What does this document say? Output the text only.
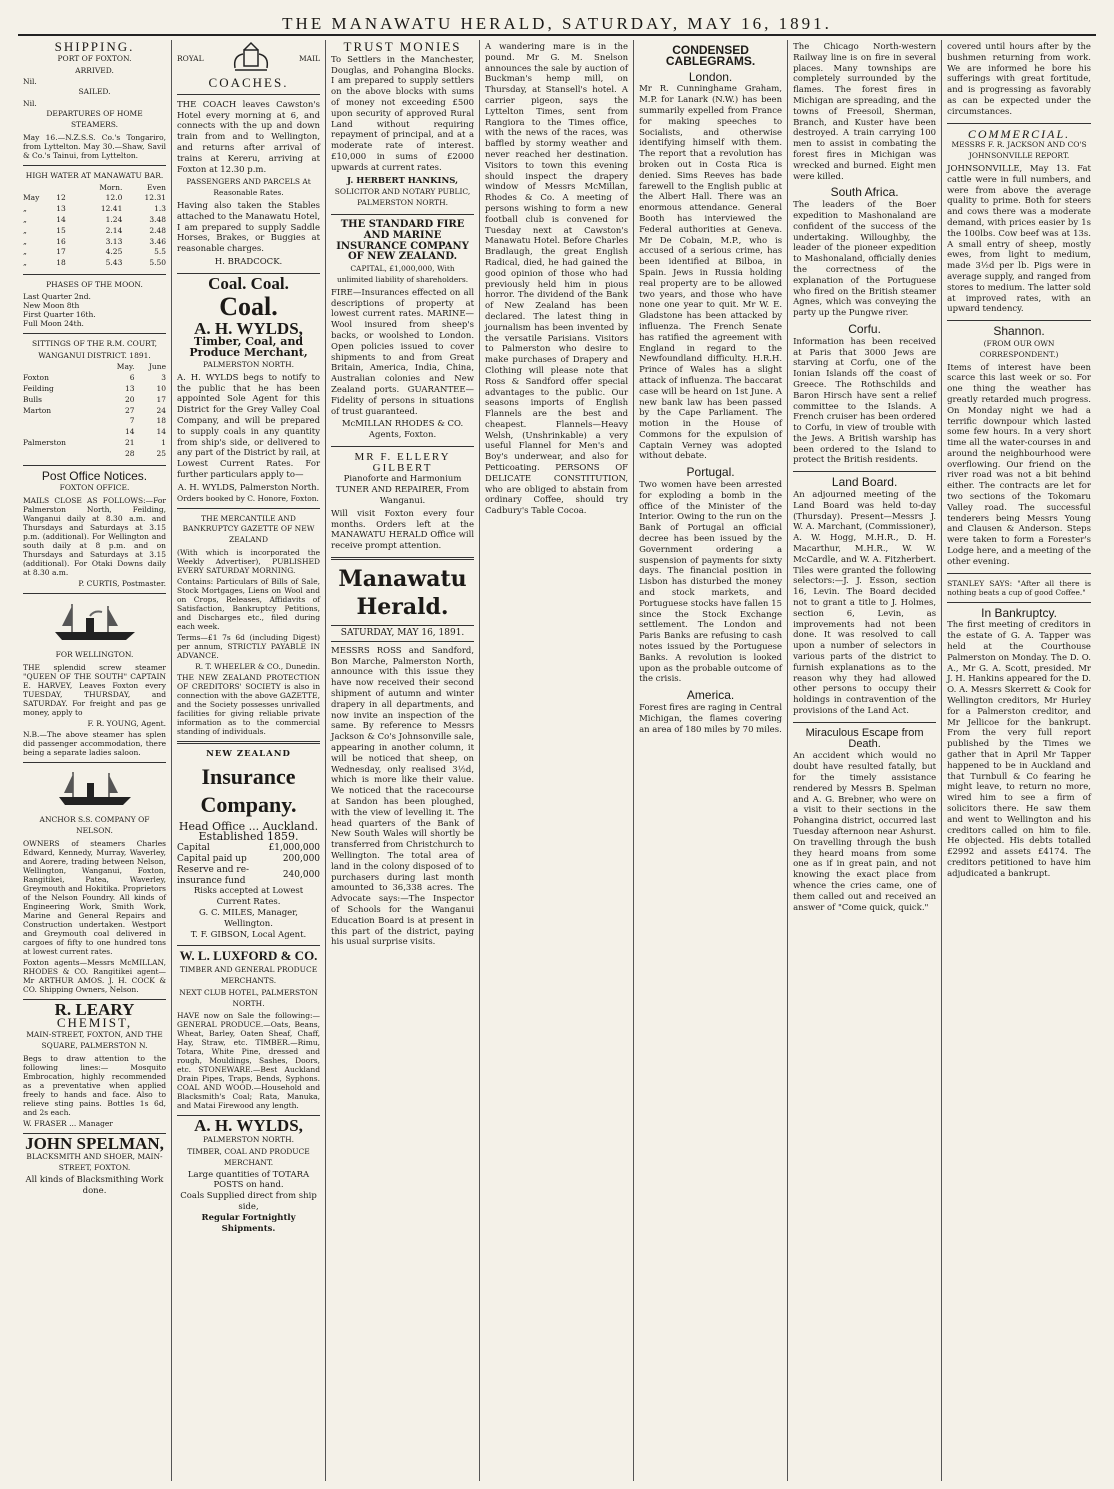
THE MANAWATU HERALD, SATURDAY, MAY 16, 1891.
SHIPPING.
PORT OF FOXTON.
ARRIVED.
Nil.
SAILED.
Nil.
DEPARTURES OF HOME STEAMERS.

May 16.—N.Z.S.S. Co.'s Tongariro, from Lyttelton. May 30.—Shaw, Savil & Co.'s Tainui, from Lyttelton.

HIGH WATER AT MANAWATU BAR.
		Morn.	Even
May	12	12.0	12.31
„	13	12.41	1.3
„	14	1.24	3.48
„	15	2.14	2.48
„	16	3.13	3.46
„	17	4.25	5.5
„	18	5.43	5.50
PHASES OF THE MOON.
Last Quarter 2nd.
New Moon 8th
First Quarter 16th.
Full Moon 24th.
SITTINGS OF THE R.M. COURT,
WANGANUI DISTRICT. 1891.
	May.	June
Foxton	6	3
Feilding	13	10
Bulls	20	17
Marton	27	24
	7	18
	14	14
Palmerston	21	1
	28	25
Post Office Notices.
FOXTON OFFICE.

MAILS CLOSE AS FOLLOWS:—For Palmerston North, Feilding, Wanganui daily at 8.30 a.m. and Thursdays and Saturdays at 3.15 p.m. (additional). For Wellington and south daily at 8 p.m. and on Thursdays and Saturdays at 3.15 (additional). For Otaki Downs daily at 8.30 a.m.

P. CURTIS, Postmaster.
FOR WELLINGTON.

THE splendid screw steamer "QUEEN OF THE SOUTH" CAPTAIN E. HARVEY, Leaves Foxton every TUESDAY, THURSDAY, and SATURDAY. For freight and pas ge money, apply to

F. R. YOUNG, Agent.

N.B.—The above steamer has splen did passenger accommodation, there being a separate ladies saloon.

ANCHOR S.S. COMPANY OF NELSON.

OWNERS of steamers Charles Edward, Kennedy, Murray, Waverley, and Aorere, trading between Nelson, Wellington, Wanganui, Foxton, Rangitikei, Patea, Waverley, Greymouth and Hokitika. Proprietors of the Nelson Foundry. All kinds of Engineering Work, Smith Work, Marine and General Repairs and Construction undertaken. Westport and Greymouth coal delivered in cargoes of fifty to one hundred tons at lowest current rates.

Foxton agents—Messrs McMILLAN, RHODES & CO. Rangitikei agent—Mr ARTHUR AMOS. J. H. COCK & CO. Shipping Owners, Nelson.

R. LEARY
CHEMIST,
MAIN-STREET, FOXTON, AND THE SQUARE, PALMERSTON N.

Begs to draw attention to the following lines:— Mosquito Embrocation, highly recommended as a preventative when applied freely to hands and face. Also to relieve sting pains. Bottles 1s 6d, and 2s each.

W. FRASER ... Manager
JOHN SPELMAN,
BLACKSMITH AND SHOER, MAIN-STREET, FOXTON.
All kinds of Blacksmithing Work done.
ROYAL	MAIL
COACHES.

THE COACH leaves Cawston's Hotel every morning at 6, and connects with the up and down train from and to Wellington, and returns after arrival of trains at Kereru, arriving at Foxton at 12.30 p.m.

PASSENGERS AND PARCELS At Reasonable Rates.

Having also taken the Stables attached to the Manawatu Hotel, I am prepared to supply Saddle Horses, Brakes, or Buggies at reasonable charges.

H. BRADCOCK.
Coal. Coal.
Coal.
A. H. WYLDS,
Timber, Coal, and Produce Merchant,
PALMERSTON NORTH.

A. H. WYLDS begs to notify to the public that he has been appointed Sole Agent for this District for the Grey Valley Coal Company, and will be prepared to supply coals in any quantity from ship's side, or delivered to any part of the District by rail, at Lowest Current Rates. For further particulars apply to—

A. H. WYLDS, Palmerston North.
Orders booked by C. Honore, Foxton.
THE MERCANTILE AND BANKRUPTCY GAZETTE OF NEW ZEALAND

(With which is incorporated the Weekly Advertiser), PUBLISHED EVERY SATURDAY MORNING.

Contains: Particulars of Bills of Sale, Stock Mortgages, Liens on Wool and on Crops, Releases, Affidavits of Satisfaction, Bankruptcy Petitions, and Discharges etc., filed during each week.

Terms—£1 7s 6d (including Digest) per annum, STRICTLY PAYABLE IN ADVANCE.

R. T. WHEELER & CO., Dunedin.

THE NEW ZEALAND PROTECTION OF CREDITORS' SOCIETY is also in connection with the above GAZETTE, and the Society possesses unrivalled facilities for giving reliable private information as to the commercial standing of individuals.

NEW ZEALAND
Insurance Company.
Head Office ... Auckland.
Established 1859.
Capital	£1,000,000
Capital paid up	200,000
Reserve and re-insurance fund	240,000
Risks accepted at Lowest Current Rates.
G. C. MILES, Manager, Wellington.
T. F. GIBSON, Local Agent.
W. L. LUXFORD & CO.
TIMBER AND GENERAL PRODUCE MERCHANTS.
NEXT CLUB HOTEL, PALMERSTON NORTH.

HAVE now on Sale the following:— GENERAL PRODUCE.—Oats, Beans, Wheat, Barley, Oaten Sheaf, Chaff, Hay, Straw, etc. TIMBER.—Rimu, Totara, White Pine, dressed and rough, Mouldings, Sashes, Doors, etc. STONEWARE.—Best Auckland Drain Pipes, Traps, Bends, Syphons. COAL AND WOOD.—Household and Blacksmith's Coal; Rata, Manuka, and Matai Firewood any length.

A. H. WYLDS,
PALMERSTON NORTH.
TIMBER, COAL AND PRODUCE MERCHANT.
Large quantities of TOTARA POSTS on hand.
Coals Supplied direct from ship side,
Regular Fortnightly Shipments.
TRUST MONIES

To Settlers in the Manchester, Douglas, and Pohangina Blocks. I am prepared to supply settlers on the above blocks with sums of money not exceeding £500 upon security of approved Rural Land without requiring repayment of principal, and at a moderate rate of interest. £10,000 in sums of £2000 upwards at current rates.

J. HERBERT HANKINS,
SOLICITOR AND NOTARY PUBLIC, PALMERSTON NORTH.
THE STANDARD FIRE AND MARINE INSURANCE COMPANY OF NEW ZEALAND.
CAPITAL, £1,000,000, With unlimited liability of shareholders.

FIRE—Insurances effected on all descriptions of property at lowest current rates. MARINE—Wool insured from sheep's backs, or woolshed to London. Open policies issued to cover shipments to and from Great Britain, America, India, China, Australian colonies and New Zealand ports. GUARANTEE—Fidelity of persons in situations of trust guaranteed.

McMILLAN RHODES & CO. Agents, Foxton.
MR F. ELLERY GILBERT
Pianoforte and Harmonium TUNER AND REPAIRER, From Wanganui.

Will visit Foxton every four months. Orders left at the MANAWATU HERALD Office will receive prompt attention.

Manawatu Herald.
SATURDAY, MAY 16, 1891.

MESSRS ROSS and Sandford, Bon Marche, Palmerston North, announce with this issue they have now received their second shipment of autumn and winter drapery in all departments, and now invite an inspection of the same. By reference to Messrs Jackson & Co's Johnsonville sale, appearing in another column, it will be noticed that sheep, on Wednesday, only realised 3½d, which is more like their value. We noticed that the racecourse at Sandon has been ploughed, with the view of levelling it. The head quarters of the Bank of New South Wales will shortly be transferred from Christchurch to Wellington. The total area of land in the colony disposed of to purchasers during last month amounted to 36,338 acres. The Advocate says:—The Inspector of Schools for the Wanganui Education Board is at present in this part of the district, paying his usual surprise visits.

A wandering mare is in the pound. Mr G. M. Snelson announces the sale by auction of Buckman's hemp mill, on Thursday, at Stansell's hotel. A carrier pigeon, says the Lyttelton Times, sent from Rangiora to the Times office, with the news of the races, was baffled by stormy weather and never reached her destination. Visitors to town this evening should inspect the drapery window of Messrs McMillan, Rhodes & Co. A meeting of persons wishing to form a new football club is convened for Tuesday next at Cawston's Manawatu Hotel. Before Charles Bradlaugh, the great English Radical, died, he had gained the good opinion of those who had previously held him in pious horror. The dividend of the Bank of New Zealand has been declared. The latest thing in journalism has been invented by the versatile Parisians. Visitors to Palmerston who desire to make purchases of Drapery and Clothing will please note that Ross & Sandford offer special advantages to the public. Our seasons imports of English Flannels are the best and cheapest. Flannels—Heavy Welsh, (Unshrinkable) a very useful Flannel for Men's and Boy's underwear, and also for Petticoating. PERSONS OF DELICATE CONSTITUTION, who are obliged to abstain from ordinary Coffee, should try Cadbury's Table Cocoa.

CONDENSED CABLEGRAMS.
London.

Mr R. Cunninghame Graham, M.P. for Lanark (N.W.) has been summarily expelled from France for making speeches to Socialists, and otherwise identifying himself with them. The report that a revolution has broken out in Costa Rica is denied. Sims Reeves has bade farewell to the English public at the Albert Hall. There was an enormous attendance. General Booth has interviewed the Federal authorities at Geneva. Mr De Cobain, M.P., who is accused of a serious crime, has been identified at Bilboa, in Spain. Jews in Russia holding real property are to be allowed two years, and those who have none one year to quit. Mr W. E. Gladstone has been attacked by influenza. The French Senate has ratified the agreement with England in regard to the Newfoundland difficulty. H.R.H. Prince of Wales has a slight attack of influenza. The baccarat case will be heard on 1st June. A new bank law has been passed by the Cape Parliament. The motion in the House of Commons for the expulsion of Captain Verney was adopted without debate.

Portugal.

Two women have been arrested for exploding a bomb in the office of the Minister of the Interior. Owing to the run on the Bank of Portugal an official decree has been issued by the Government ordering a suspension of payments for sixty days. The financial position in Lisbon has disturbed the money and stock markets, and Portuguese stocks have fallen 15 since the Stock Exchange settlement. The London and Paris Banks are refusing to cash notes issued by the Portuguese Banks. A revolution is looked upon as the probable outcome of the crisis.

America.

Forest fires are raging in Central Michigan, the flames covering an area of 180 miles by 70 miles.

The Chicago North-western Railway line is on fire in several places. Many townships are completely surrounded by the flames. The forest fires in Michigan are spreading, and the towns of Freesoil, Sherman, Branch, and Kuster have been destroyed. A train carrying 100 men to assist in combating the forest fires in Michigan was wrecked and burned. Eight men were killed.

South Africa.

The leaders of the Boer expedition to Mashonaland are confident of the success of the undertaking. Willoughby, the leader of the pioneer expedition to Mashonaland, officially denies the correctness of the explanation of the Portuguese who fired on the British steamer Agnes, which was conveying the party up the Pungwe river.

Corfu.

Information has been received at Paris that 3000 Jews are starving at Corfu, one of the Ionian Islands off the coast of Greece. The Rothschilds and Baron Hirsch have sent a relief committee to the Islands. A French cruiser has been ordered to Corfu, in view of trouble with the Jews. A British warship has been ordered to the Island to protect the British residents.

Land Board.

An adjourned meeting of the Land Board was held to-day (Thursday). Present—Messrs J. W. A. Marchant, (Commissioner), A. W. Hogg, M.H.R., D. H. Macarthur, M.H.R., W. W. McCardle, and W. A. Fitzherbert. Tiles were granted the following selectors:—J. J. Esson, section 16, Levin. The Board decided not to grant a title to J. Holmes, section 6, Levin, as improvements had not been done. It was resolved to call upon a number of selectors in various parts of the district to furnish explanations as to the reason why they had allowed other persons to occupy their holdings in contravention of the provisions of the Land Act.

Miraculous Escape from Death.

An accident which would no doubt have resulted fatally, but for the timely assistance rendered by Messrs B. Spelman and A. G. Brebner, who were on a visit to their sections in the Pohangina district, occurred last Tuesday afternoon near Ashurst. On travelling through the bush they heard moans from some one as if in great pain, and not knowing the exact place from whence the cries came, one of them called out and received an answer of "Come quick, quick."

covered until hours after by the bushmen returning from work. We are informed he bore his sufferings with great fortitude, and is progressing as favorably as can be expected under the circumstances.

COMMERCIAL.
MESSRS F. R. JACKSON AND CO'S JOHNSONVILLE REPORT.

JOHNSONVILLE, May 13. Fat cattle were in full numbers, and were from above the average quality to prime. Both for steers and cows there was a moderate demand, with prices easier by 1s the 100lbs. Cow beef was at 13s. A small entry of sheep, mostly ewes, from light to medium, made 3½d per lb. Pigs were in average supply, and ranged from stores to medium. The latter sold at improved rates, with an upward tendency.

Shannon.
(FROM OUR OWN CORRESPONDENT.)

Items of interest have been scarce this last week or so. For one thing the weather has greatly retarded much progress. On Monday night we had a terrific downpour which lasted some few hours. In a very short time all the water-courses in and around the neighbourhood were overflowing. Our friend on the river road was not a bit behind either. The contracts are let for two sections of the Tokomaru Valley road. The successful tenderers being Messrs Young and Clausen & Anderson. Steps were taken to form a Forester's Lodge here, and a meeting of the other evening.

STANLEY SAYS: "After all there is nothing beats a cup of good Coffee."

In Bankruptcy.

The first meeting of creditors in the estate of G. A. Tapper was held at the Courthouse Palmerston on Monday. The D. O. A., Mr G. A. Scott, presided. Mr J. H. Hankins appeared for the D. O. A. Messrs Skerrett & Cook for Wellington creditors, Mr Hurley for a Palmerston creditor, and Mr Jellicoe for the bankrupt. From the very full report published by the Times we gather that in April Mr Tapper happened to be in Auckland and that Turnbull & Co fearing he might leave, to return no more, wired him to see a firm of solicitors there. He saw them and went to Wellington and his creditors called on him to file. He objected. His debts totalled £2992 and assets £4174. The creditors petitioned to have him adjudicated a bankrupt.
